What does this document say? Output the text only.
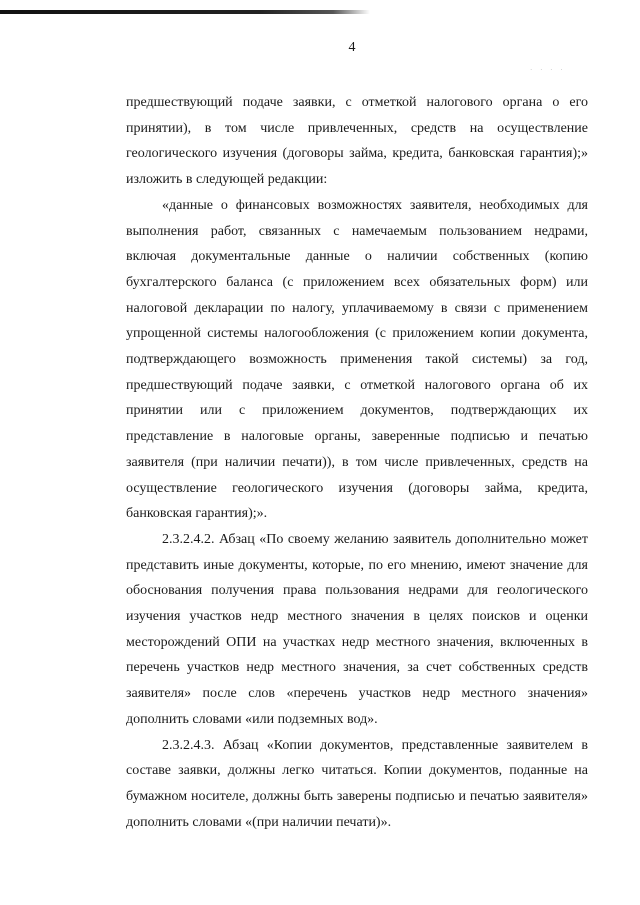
· · · ·
4

предшествующий подаче заявки, с отметкой налогового органа о его принятии), в том числе привлеченных, средств на осуществление геологического изучения (договоры займа, кредита, банковская гарантия);» изложить в следующей редакции:

«данные о финансовых возможностях заявителя, необходимых для выполнения работ, связанных с намечаемым пользованием недрами, включая документальные данные о наличии собственных (копию бухгалтерского баланса (с приложением всех обязательных форм) или налоговой декларации по налогу, уплачиваемому в связи с применением упрощенной системы налогообложения (с приложением копии документа, подтверждающего возможность применения такой системы) за год, предшествующий подаче заявки, с отметкой налогового органа об их принятии или с приложением документов, подтверждающих их представление в налоговые органы, заверенные подписью и печатью заявителя (при наличии печати)), в том числе привлеченных, средств на осуществление геологического изучения (договоры займа, кредита, банковская гарантия);».

2.3.2.4.2. Абзац «По своему желанию заявитель дополнительно может представить иные документы, которые, по его мнению, имеют значение для обоснования получения права пользования недрами для геологического изучения участков недр местного значения в целях поисков и оценки месторождений ОПИ на участках недр местного значения, включенных в перечень участков недр местного значения, за счет собственных средств заявителя» после слов «перечень участков недр местного значения» дополнить словами «или подземных вод».

2.3.2.4.3. Абзац «Копии документов, представленные заявителем в составе заявки, должны легко читаться. Копии документов, поданные на бумажном носителе, должны быть заверены подписью и печатью заявителя» дополнить словами «(при наличии печати)».
